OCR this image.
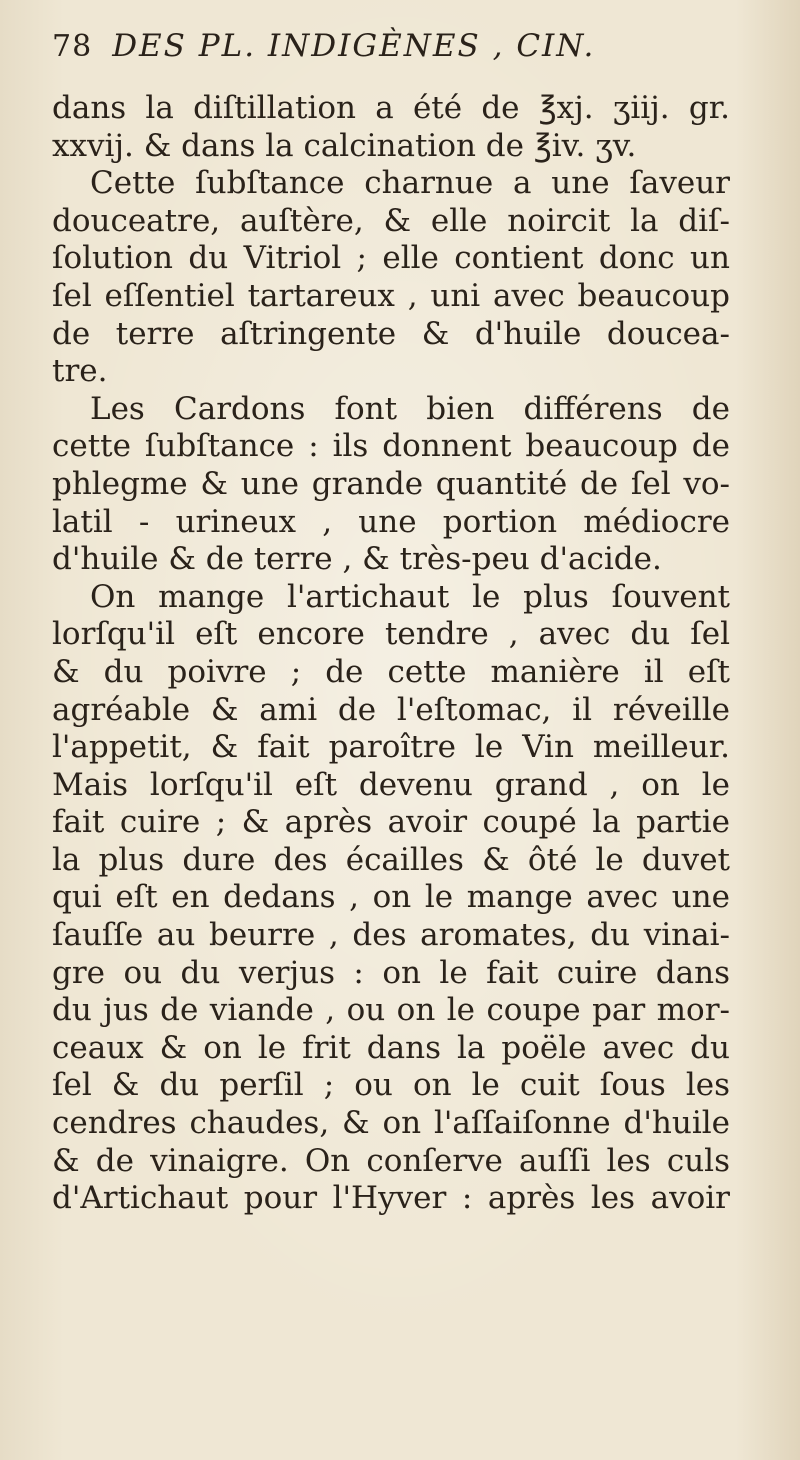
78 DES PL. INDIGÈNES , CIN.
dans la diſtillation a été de ℥xj. ʒiij. gr.
xxvij. & dans la calcination de ℥iv. ʒv.
Cette ſubſtance charnue a une ſaveur
douceatre, auſtère, & elle noircit la diſ-
ſolution du Vitriol ; elle contient donc un
ſel eſſentiel tartareux , uni avec beaucoup
de terre aſtringente & d'huile doucea-
tre.
Les Cardons font bien différens de
cette ſubſtance : ils donnent beaucoup de
phlegme & une grande quantité de ſel vo-
latil - urineux , une portion médiocre
d'huile & de terre , & très-peu d'acide.
On mange l'artichaut le plus ſouvent
lorſqu'il eſt encore tendre , avec du ſel
& du poivre ; de cette manière il eſt
agréable & ami de l'eſtomac, il réveille
l'appetit, & fait paroître le Vin meilleur.
Mais lorſqu'il eſt devenu grand , on le
fait cuire ; & après avoir coupé la partie
la plus dure des écailles & ôté le duvet
qui eſt en dedans , on le mange avec une
ſauſſe au beurre , des aromates, du vinai-
gre ou du verjus : on le fait cuire dans
du jus de viande , ou on le coupe par mor-
ceaux & on le frit dans la poële avec du
ſel & du perſil ; ou on le cuit ſous les
cendres chaudes, & on l'aſſaiſonne d'huile
& de vinaigre. On conſerve auſſi les culs
d'Artichaut pour l'Hyver : après les avoir
